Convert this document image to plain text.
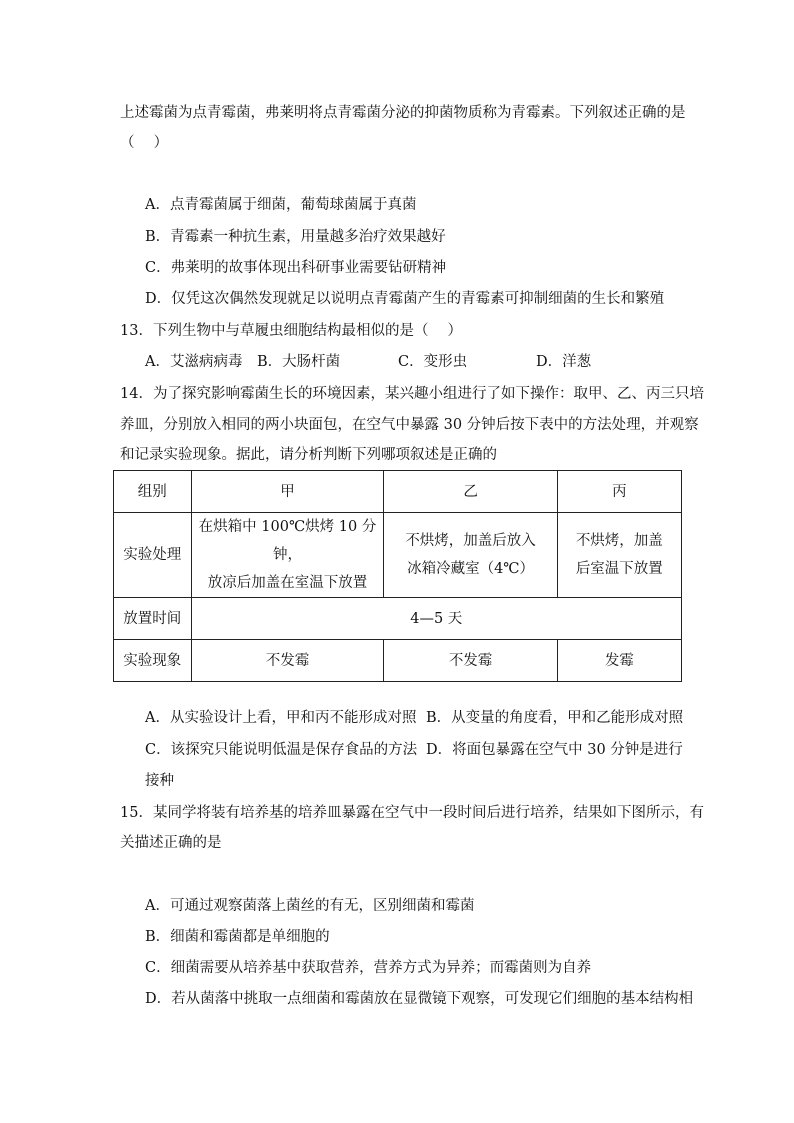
上述霉菌为点青霉菌，弗莱明将点青霉菌分泌的抑菌物质称为青霉素。下列叙述正确的是
（　 ）
A．点青霉菌属于细菌，葡萄球菌属于真菌
B．青霉素一种抗生素，用量越多治疗效果越好
C．弗莱明的故事体现出科研事业需要钻研精神
D．仅凭这次偶然发现就足以说明点青霉菌产生的青霉素可抑制细菌的生长和繁殖
13．下列生物中与草履虫细胞结构最相似的是（　 ）
A．艾滋病病毒 B．大肠杆菌	C．变形虫	D．洋葱
14．为了探究影响霉菌生长的环境因素，某兴趣小组进行了如下操作：取甲、乙、丙三只培
养皿，分别放入相同的两小块面包，在空气中暴露 30 分钟后按下表中的方法处理，并观察
和记录实验现象。据此，请分析判断下列哪项叙述是正确的
组别	甲	乙	丙
实验处理	在烘箱中 100℃烘烤 10 分钟，
放凉后加盖在室温下放置	不烘烤，加盖后放入
冰箱冷藏室（4℃）	不烘烤，加盖
后室温下放置

放置时间	4—5 天		
实验现象	不发霉	不发霉	发霉
A．从实验设计上看，甲和丙不能形成对照 B．从变量的角度看，甲和乙能形成对照
C．该探究只能说明低温是保存食品的方法 D．将面包暴露在空气中 30 分钟是进行
接种
15．某同学将装有培养基的培养皿暴露在空气中一段时间后进行培养，结果如下图所示，有
关描述正确的是
A．可通过观察菌落上菌丝的有无，区别细菌和霉菌
B．细菌和霉菌都是单细胞的
C．细菌需要从培养基中获取营养，营养方式为异养；而霉菌则为自养
D．若从菌落中挑取一点细菌和霉菌放在显微镜下观察，可发现它们细胞的基本结构相
